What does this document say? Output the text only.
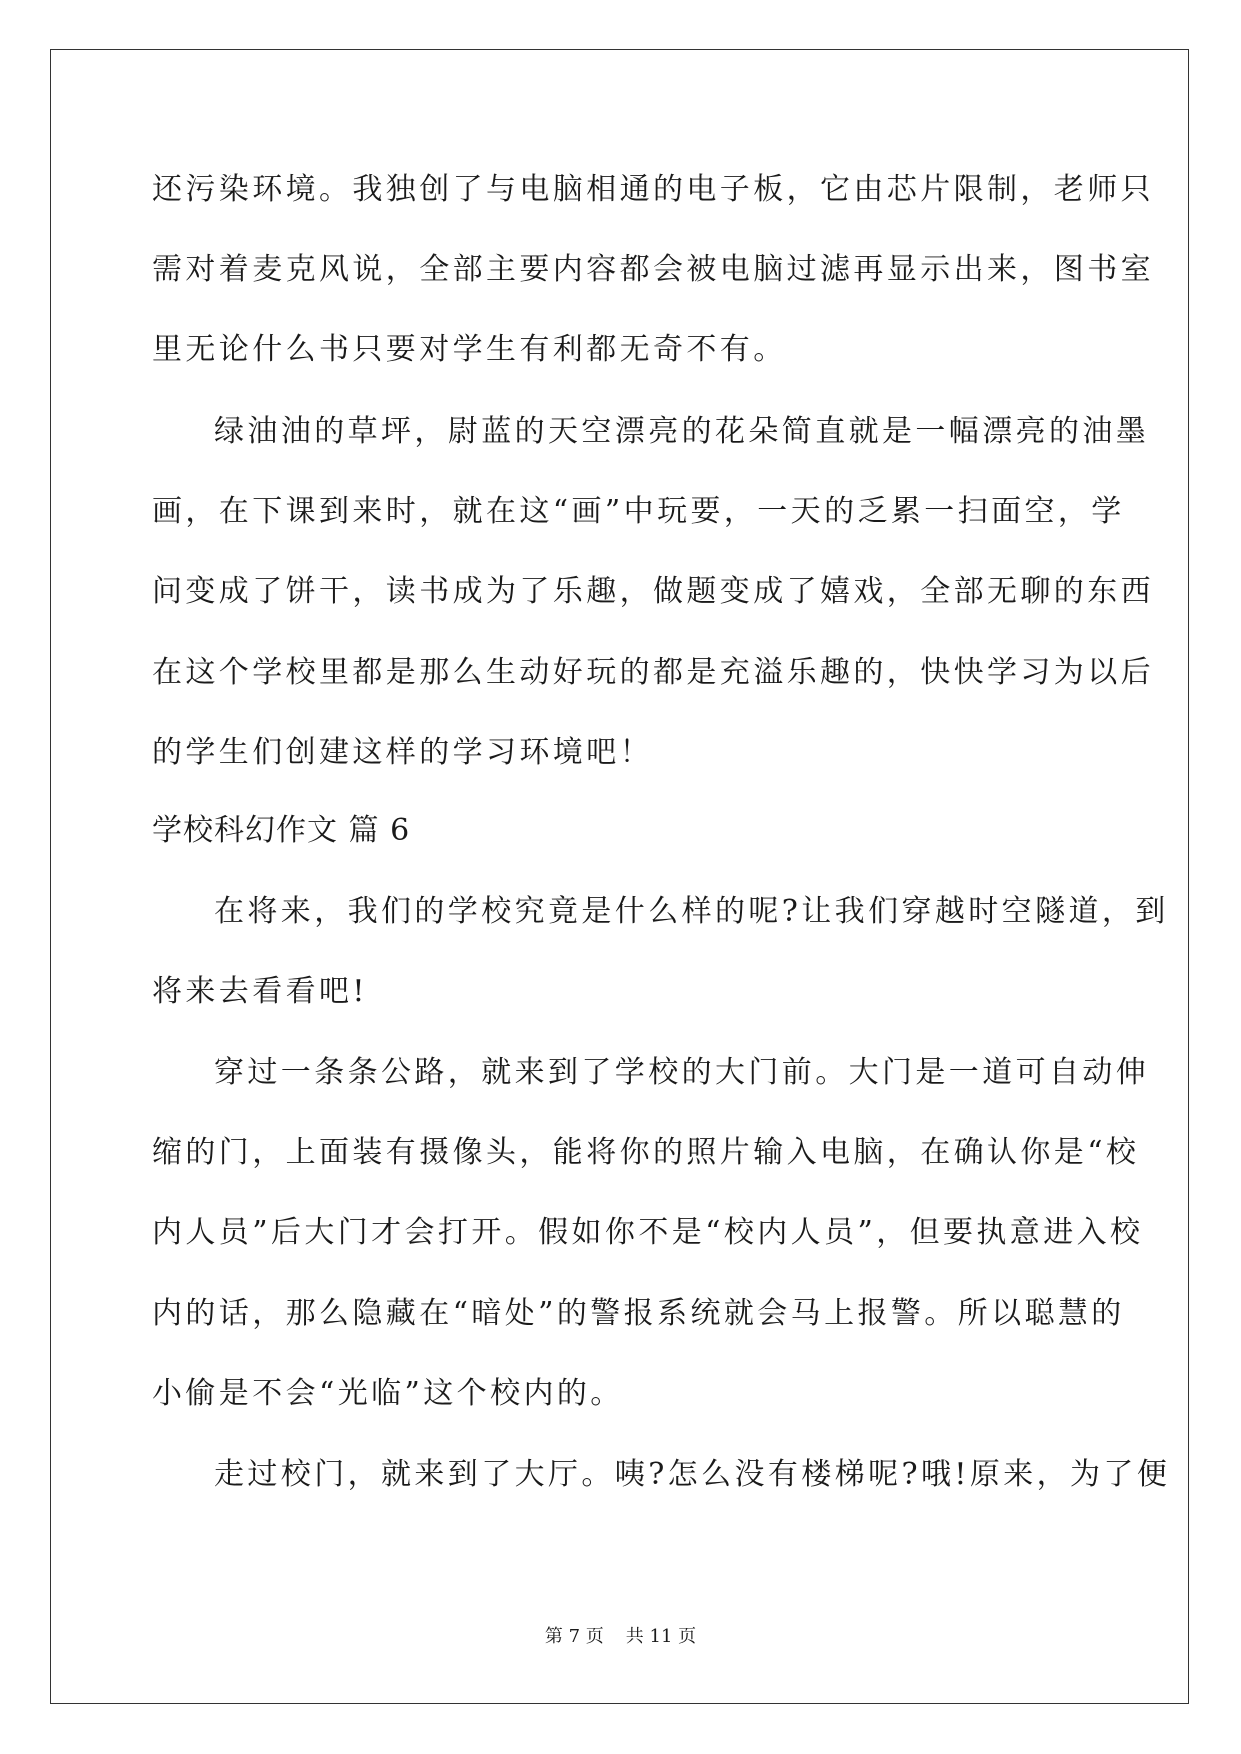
还污染环境。我独创了与电脑相通的电子板，它由芯片限制，老师只
需对着麦克风说，全部主要内容都会被电脑过滤再显示出来，图书室
里无论什么书只要对学生有利都无奇不有。
绿油油的草坪，尉蓝的天空漂亮的花朵简直就是一幅漂亮的油墨
画，在下课到来时，就在这“画”中玩要，一天的乏累一扫面空，学
问变成了饼干，读书成为了乐趣，做题变成了嬉戏，全部无聊的东西
在这个学校里都是那么生动好玩的都是充溢乐趣的，快快学习为以后
的学生们创建这样的学习环境吧！
学校科幻作文 篇 6
在将来，我们的学校究竟是什么样的呢?让我们穿越时空隧道，到
将来去看看吧!
穿过一条条公路，就来到了学校的大门前。大门是一道可自动伸
缩的门，上面装有摄像头，能将你的照片输入电脑，在确认你是“校
内人员”后大门才会打开。假如你不是“校内人员”，但要执意进入校
内的话，那么隐藏在“暗处”的警报系统就会马上报警。所以聪慧的
小偷是不会“光临”这个校内的。
走过校门，就来到了大厅。咦?怎么没有楼梯呢?哦!原来，为了便
第 7 页 共 11 页
